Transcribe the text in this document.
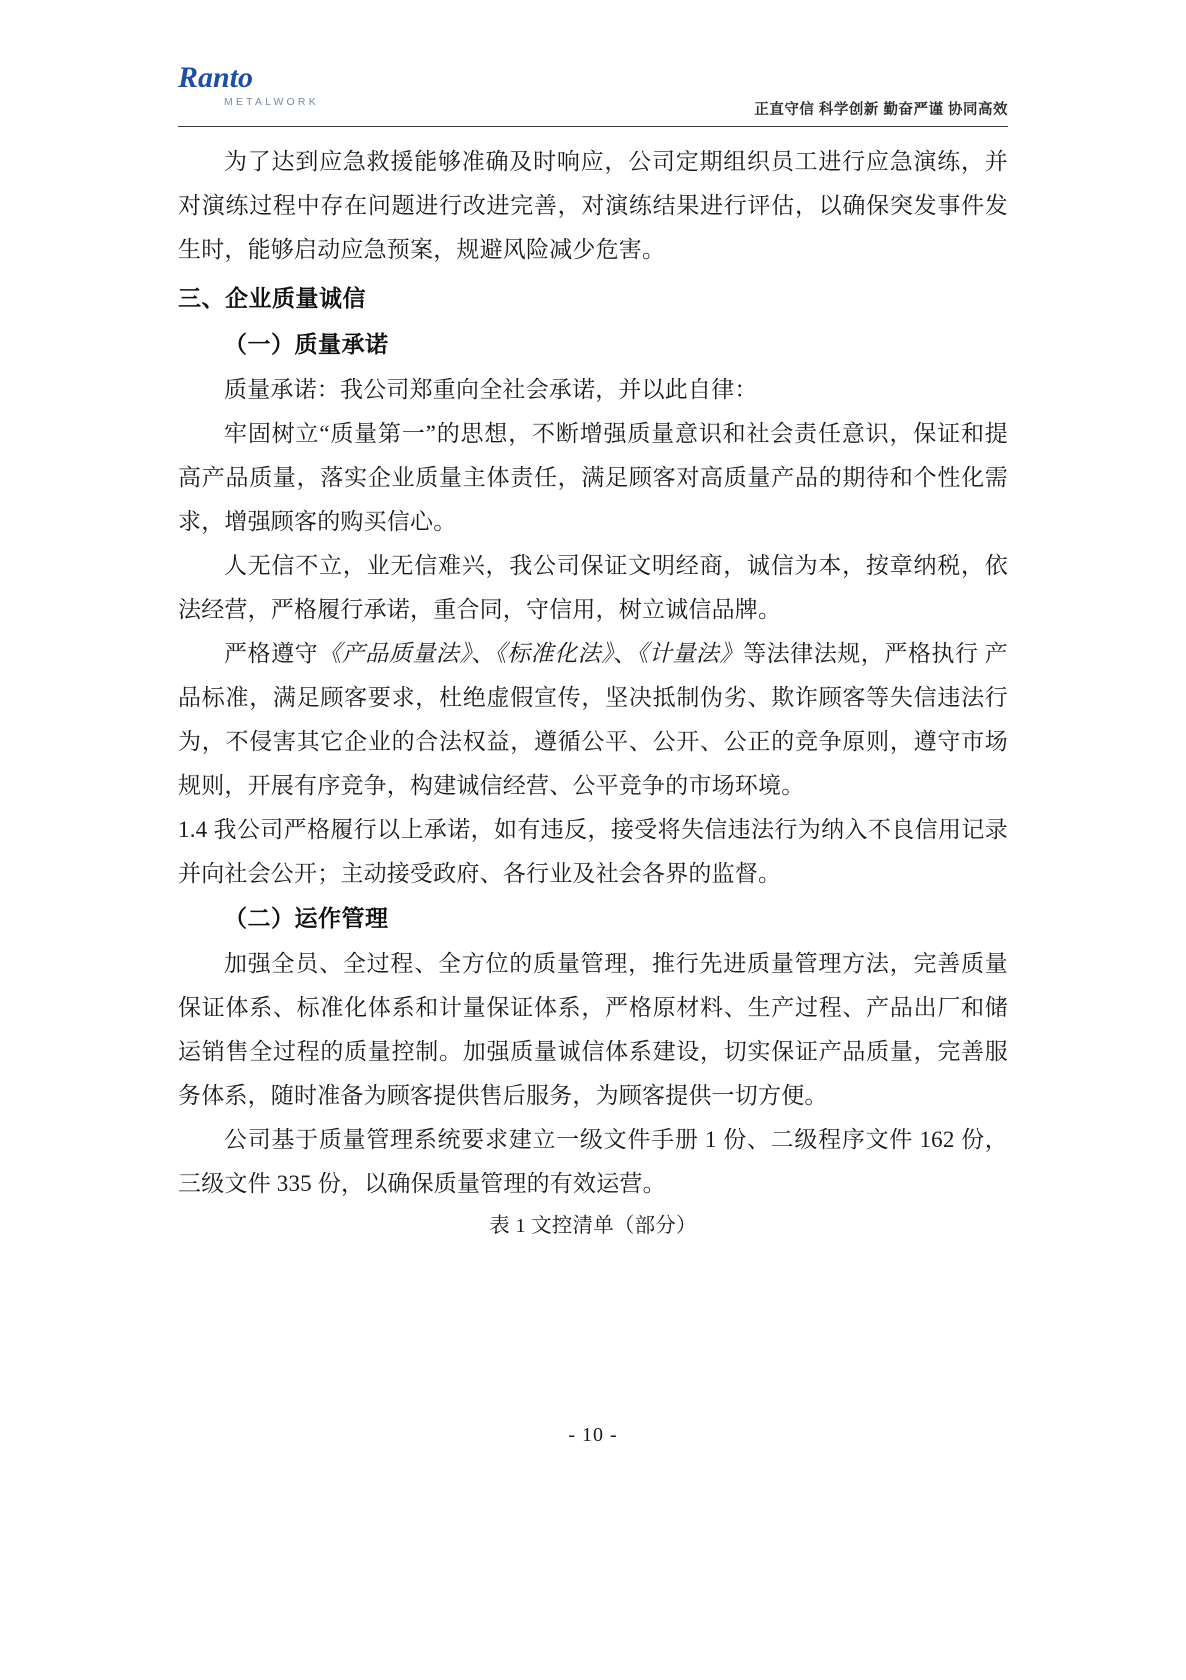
Ranto
METALWORK	正直守信 科学创新 勤奋严谨 协同高效

为了达到应急救援能够准确及时响应，公司定期组织员工进行应急演练，并对演练过程中存在问题进行改进完善，对演练结果进行评估，以确保突发事件发生时，能够启动应急预案，规避风险减少危害。

三、企业质量诚信
（一）质量承诺

质量承诺：我公司郑重向全社会承诺，并以此自律：

牢固树立“质量第一”的思想，不断增强质量意识和社会责任意识，保证和提高产品质量，落实企业质量主体责任，满足顾客对高质量产品的期待和个性化需求，增强顾客的购买信心。

人无信不立，业无信难兴，我公司保证文明经商，诚信为本，按章纳税，依法经营，严格履行承诺，重合同，守信用，树立诚信品牌。

严格遵守《产品质量法》、《标准化法》、《计量法》等法律法规，严格执行 产品标准，满足顾客要求，杜绝虚假宣传，坚决抵制伪劣、欺诈顾客等失信违法行为，不侵害其它企业的合法权益，遵循公平、公开、公正的竞争原则，遵守市场规则，开展有序竞争，构建诚信经营、公平竞争的市场环境。

1.4 我公司严格履行以上承诺，如有违反，接受将失信违法行为纳入不良信用记录并向社会公开；主动接受政府、各行业及社会各界的监督。

（二）运作管理

加强全员、全过程、全方位的质量管理，推行先进质量管理方法，完善质量保证体系、标准化体系和计量保证体系，严格原材料、生产过程、产品出厂和储运销售全过程的质量控制。加强质量诚信体系建设，切实保证产品质量，完善服务体系，随时准备为顾客提供售后服务，为顾客提供一切方便。

公司基于质量管理系统要求建立一级文件手册 1 份、二级程序文件 162 份，三级文件 335 份，以确保质量管理的有效运营。

表 1 文控清单（部分）

- 10 -
